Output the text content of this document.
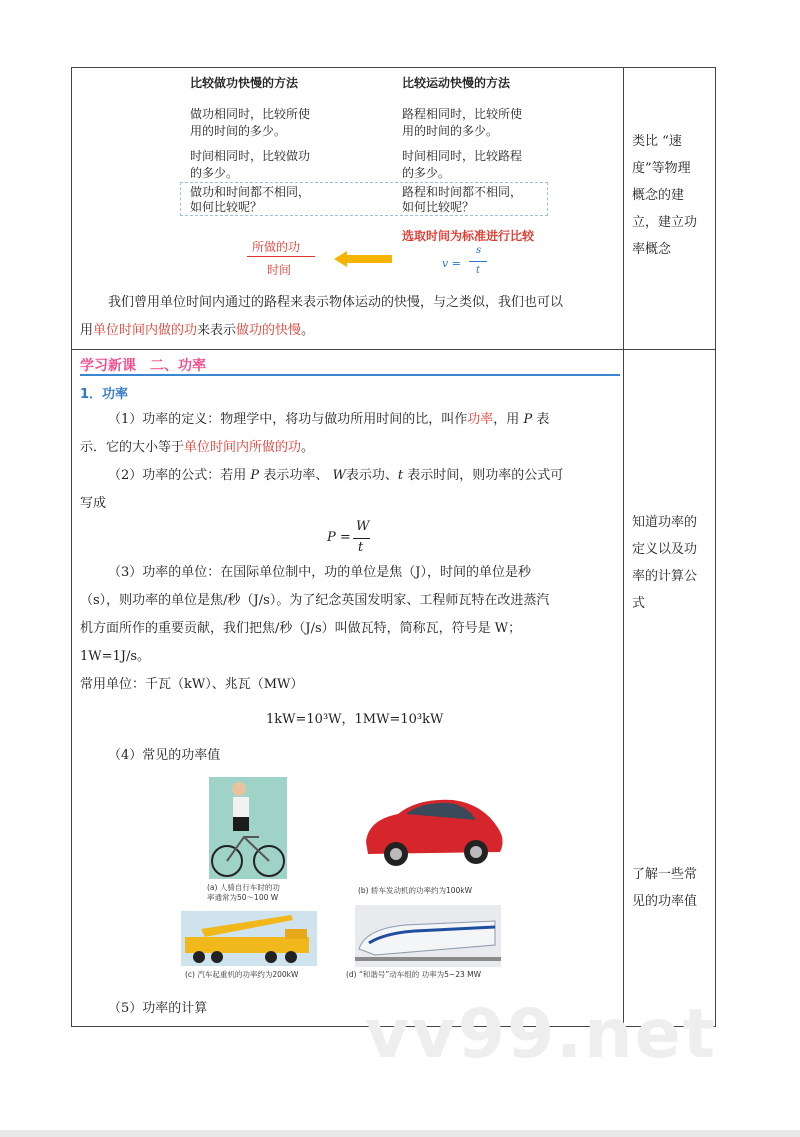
比较做功快慢的方法
做功相同时，比较所使
用的时间的多少。
时间相同时，比较做功
的多少。
做功和时间都不相同，
如何比较呢？
比较运动快慢的方法
路程相同时，比较所使
用的时间的多少。
时间相同时，比较路程
的多少。
路程和时间都不相同，
如何比较呢？
选取时间为标准进行比较
所做的功
时间	v =
s
t
我们曾用单位时间内通过的路程来表示物体运动的快慢，与之类似，我们也可以
用单位时间内做的功来表示做功的快慢。
类比 “速
度”等物理
概念的建
立，建立功
率概念
学习新课　二、功率
1．功率
（1）功率的定义：物理学中，将功与做功所用时间的比，叫作功率，用 P 表
示．它的大小等于单位时间内所做的功。
（2）功率的公式：若用 P 表示功率、 W表示功、t 表示时间，则功率的公式可
写成
P =
W
t
（3）功率的单位：在国际单位制中，功的单位是焦（J），时间的单位是秒
（s），则功率的单位是焦/秒（J/s）。为了纪念英国发明家、工程师瓦特在改进蒸汽
机方面所作的重要贡献，我们把焦/秒（J/s）叫做瓦特，简称瓦，符号是 W；
1W=1J/s。
常用单位：千瓦（kW）、兆瓦（MW）
1kW=10³W，1MW=10³kW
（4）常见的功率值
(a) 人骑自行车时的功
率通常为50～100 W
(b) 轿车发动机的功率约为100kW
(c) 汽车起重机的功率约为200kW	(d) “和谐号”动车组的 功率为5~23 MW
（5）功率的计算
知道功率的
定义以及功
率的计算公
式
了解一些常
见的功率值
vv99.net
